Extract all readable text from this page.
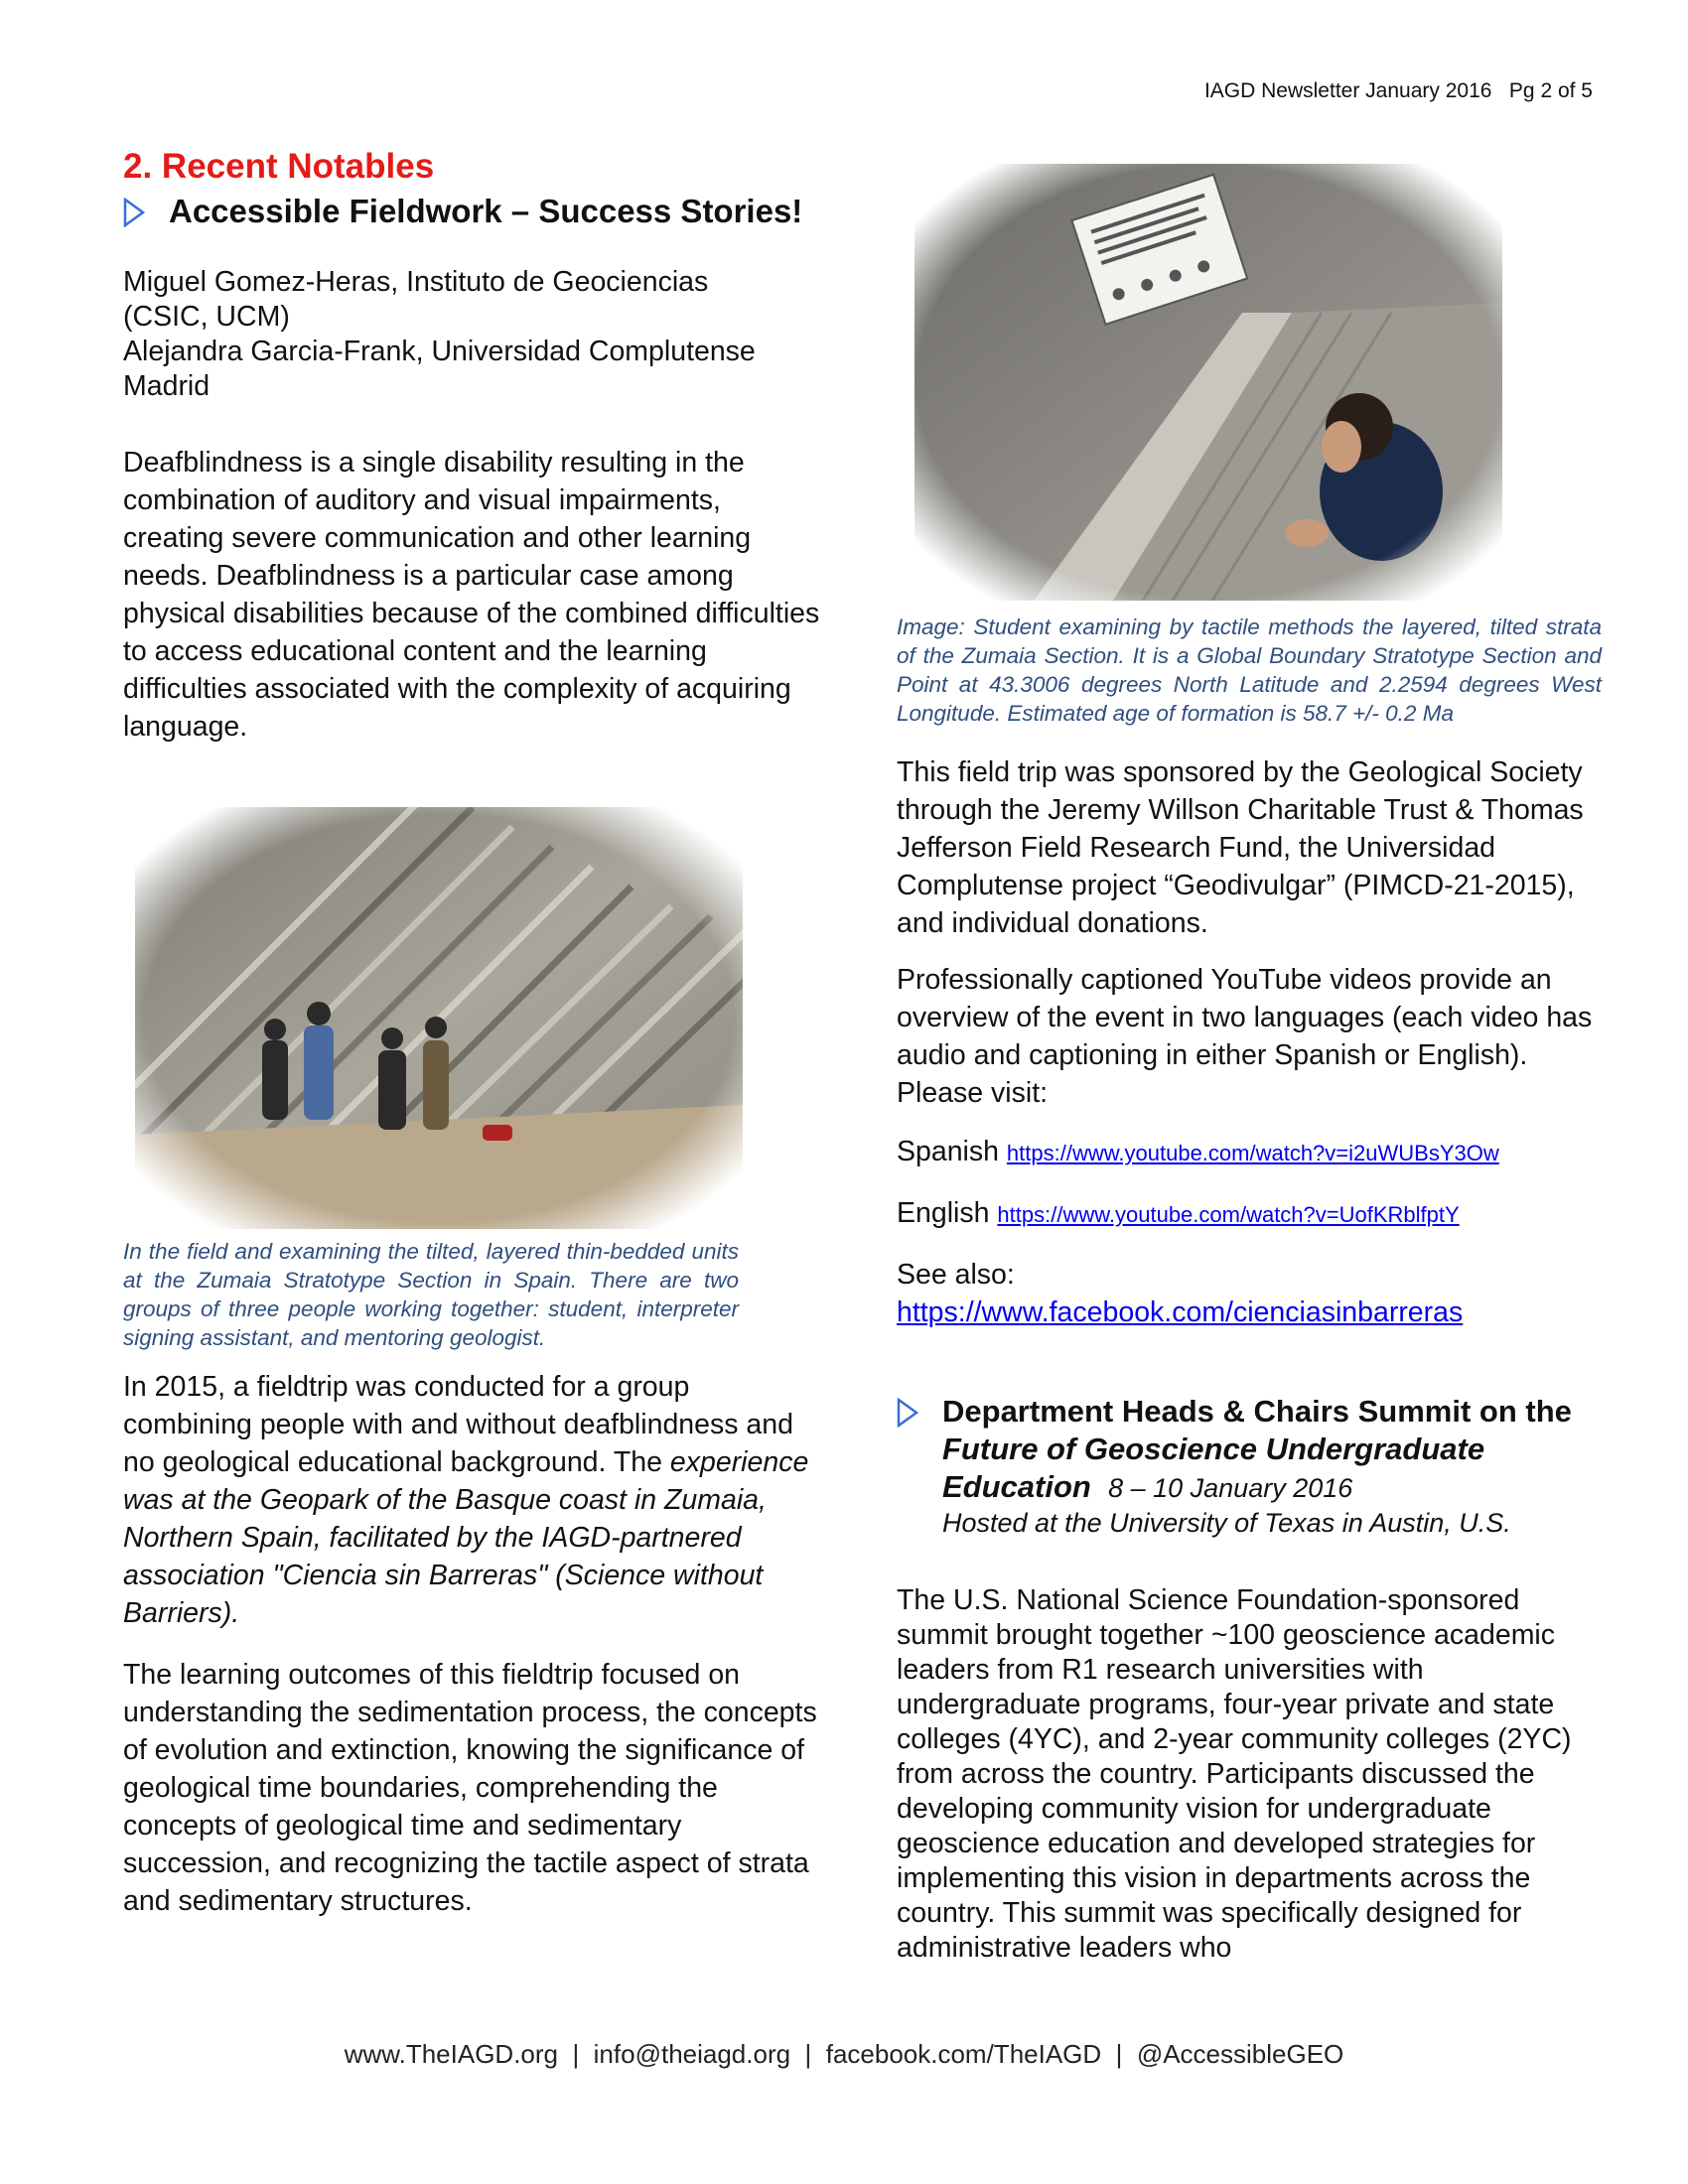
IAGD Newsletter January 2016   Pg 2 of 5
2. Recent Notables
Accessible Fieldwork – Success Stories!
Miguel Gomez-Heras, Instituto de Geociencias
(CSIC, UCM)
Alejandra Garcia-Frank, Universidad Complutense
Madrid

Deafblindness is a single disability resulting in the combination of auditory and visual impairments, creating severe communication and other learning needs. Deafblindness is a particular case among physical disabilities because of the combined difficulties to access educational content and the learning difficulties associated with the complexity of acquiring language.

In the field and examining the tilted, layered thin-bedded units at the Zumaia Stratotype Section in Spain. There are two groups of three people working together: student, interpreter signing assistant, and mentoring geologist.

In 2015, a fieldtrip was conducted for a group combining people with and without deafblindness and no geological educational background. The experience was at the Geopark of the Basque coast in Zumaia, Northern Spain, facilitated by the IAGD-partnered association "Ciencia sin Barreras" (Science without Barriers).

The learning outcomes of this fieldtrip focused on understanding the sedimentation process, the concepts of evolution and extinction, knowing the significance of geological time boundaries, comprehending the concepts of geological time and sedimentary succession, and recognizing the tactile aspect of strata and sedimentary structures.

Image: Student examining by tactile methods the layered, tilted strata of the Zumaia Section. It is a Global Boundary Stratotype Section and Point at 43.3006 degrees North Latitude and 2.2594 degrees West Longitude. Estimated age of formation is 58.7 +/- 0.2 Ma

This field trip was sponsored by the Geological Society through the Jeremy Willson Charitable Trust & Thomas Jefferson Field Research Fund, the Universidad Complutense project “Geodivulgar” (PIMCD-21-2015), and individual donations.

Professionally captioned YouTube videos provide an overview of the event in two languages (each video has audio and captioning in either Spanish or English). Please visit:

Spanish https://www.youtube.com/watch?v=i2uWUBsY3Ow
English https://www.youtube.com/watch?v=UofKRblfptY
See also:
https://www.facebook.com/cienciasinbarreras
Department Heads & Chairs Summit on the Future of Geoscience Undergraduate Education 8 – 10 January 2016
Hosted at the University of Texas in Austin, U.S.

The U.S. National Science Foundation-sponsored summit brought together ~100 geoscience academic leaders from R1 research universities with undergraduate programs, four-year private and state colleges (4YC), and 2-year community colleges (2YC) from across the country. Participants discussed the developing community vision for undergraduate geoscience education and developed strategies for implementing this vision in departments across the country. This summit was specifically designed for administrative leaders who

www.TheIAGD.org  |  info@theiagd.org  |  facebook.com/TheIAGD  |  @AccessibleGEO
